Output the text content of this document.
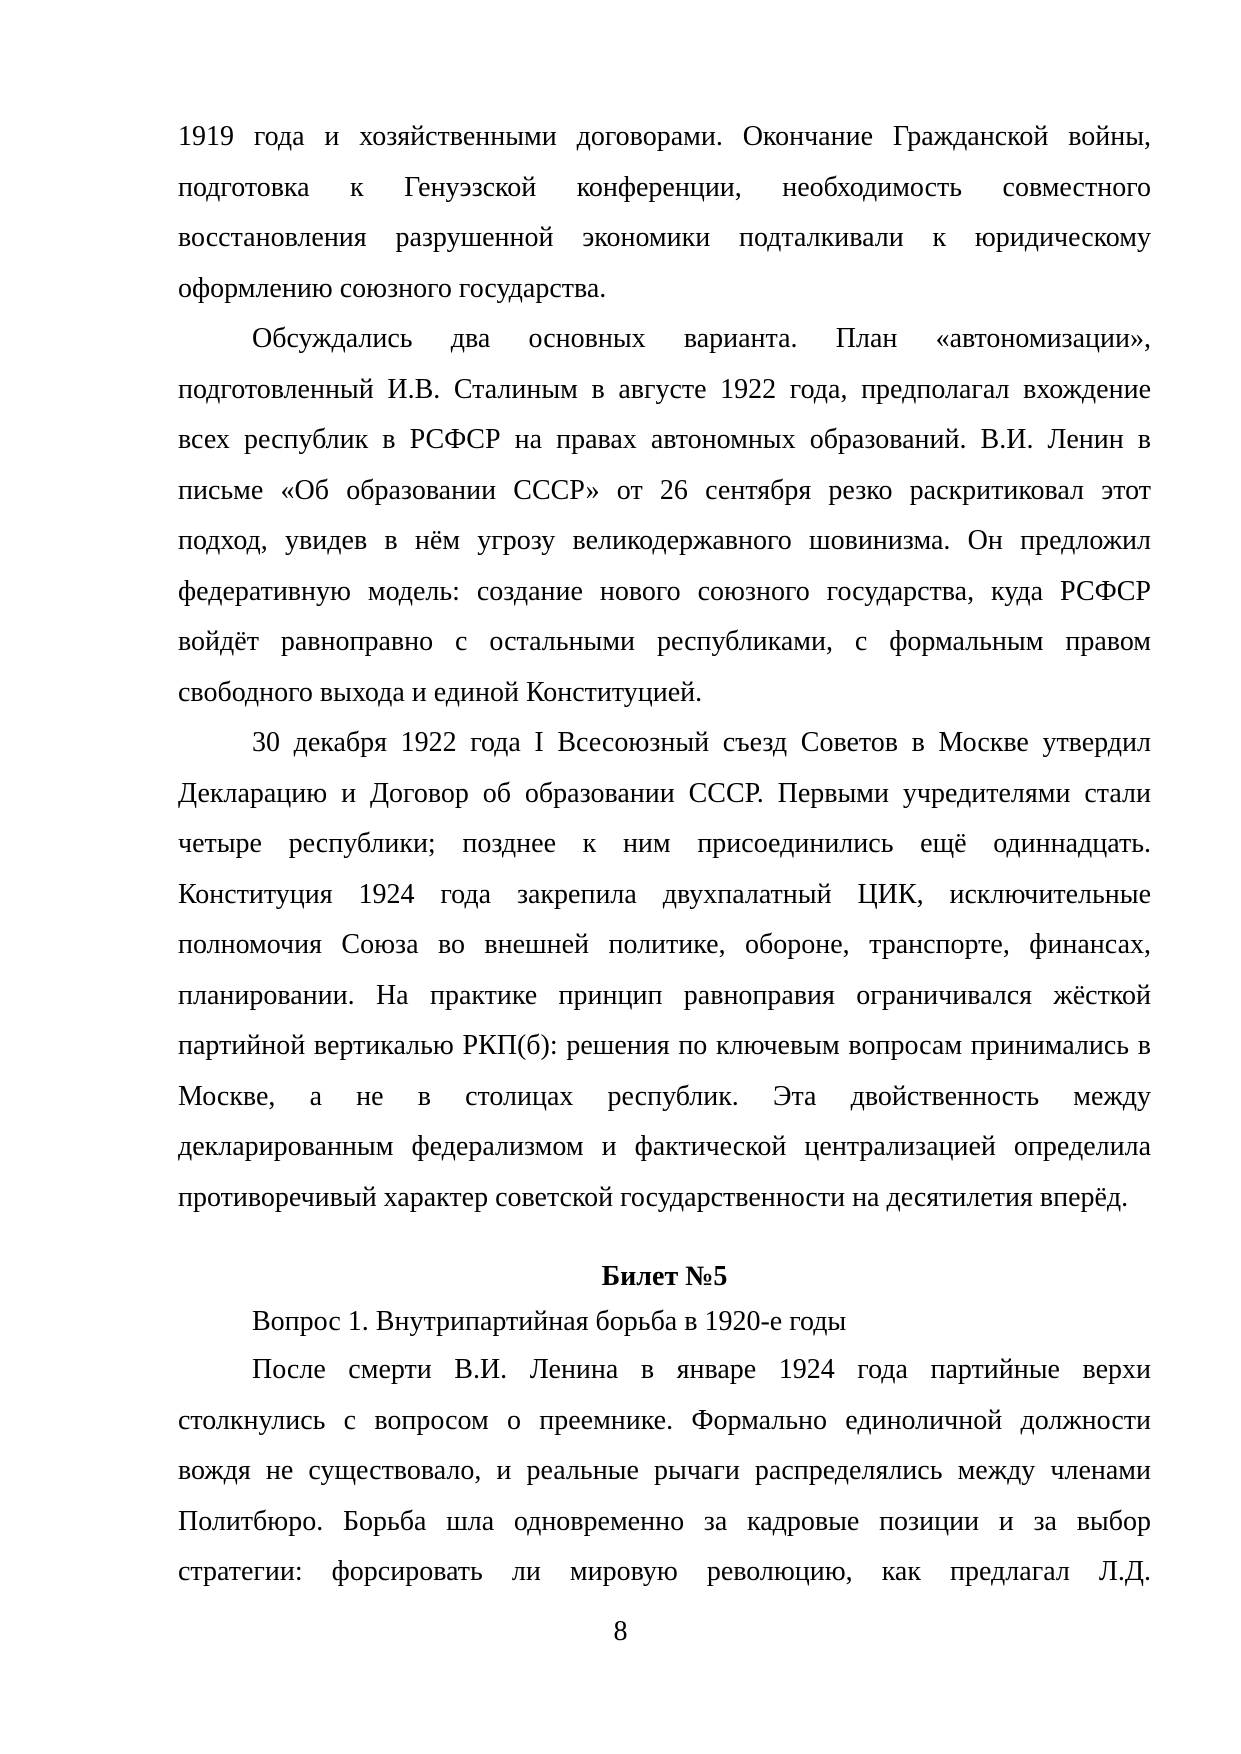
1919 года и хозяйственными договорами. Окончание Гражданской войны, подготовка к Генуэзской конференции, необходимость совместного восстановления разрушенной экономики подталкивали к юридическому оформлению союзного государства.

Обсуждались два основных варианта. План «автономизации», подготовленный И.В. Сталиным в августе 1922 года, предполагал вхождение всех республик в РСФСР на правах автономных образований. В.И. Ленин в письме «Об образовании СССР» от 26 сентября резко раскритиковал этот подход, увидев в нём угрозу великодержавного шовинизма. Он предложил федеративную модель: создание нового союзного государства, куда РСФСР войдёт равноправно с остальными республиками, с формальным правом свободного выхода и единой Конституцией.

30 декабря 1922 года I Всесоюзный съезд Советов в Москве утвердил Декларацию и Договор об образовании СССР. Первыми учредителями стали четыре республики; позднее к ним присоединились ещё одиннадцать. Конституция 1924 года закрепила двухпалатный ЦИК, исключительные полномочия Союза во внешней политике, обороне, транспорте, финансах, планировании. На практике принцип равноправия ограничивался жёсткой партийной вертикалью РКП(б): решения по ключевым вопросам принимались в Москве, а не в столицах республик. Эта двойственность между декларированным федерализмом и фактической централизацией определила противоречивый характер советской государственности на десятилетия вперёд.

Билет №5

Вопрос 1. Внутрипартийная борьба в 1920-е годы

После смерти В.И. Ленина в январе 1924 года партийные верхи столкнулись с вопросом о преемнике. Формально единоличной должности вождя не существовало, и реальные рычаги распределялись между членами Политбюро. Борьба шла одновременно за кадровые позиции и за выбор стратегии: форсировать ли мировую революцию, как предлагал Л.Д.

8
